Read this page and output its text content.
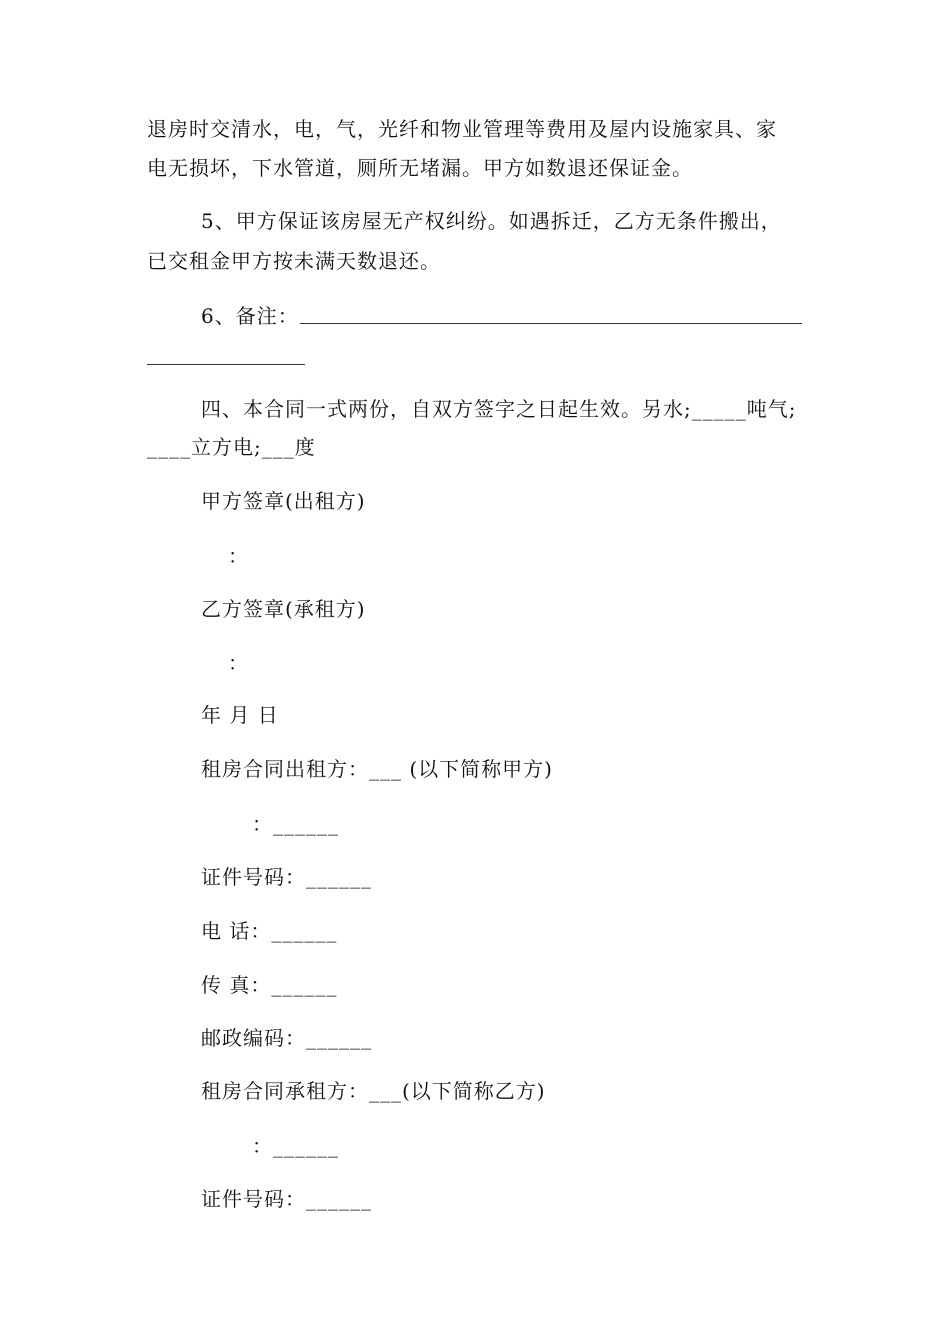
退房时交清水，电，气，光纤和物业管理等费用及屋内设施家具、家
电无损坏，下水管道，厕所无堵漏。甲方如数退还保证金。
5、甲方保证该房屋无产权纠纷。如遇拆迁，乙方无条件搬出，
已交租金甲方按未满天数退还。
6、备注：
四、本合同一式两份，自双方签字之日起生效。另水;_____吨气;
____立方电;___度
甲方签章(出租方)
：
乙方签章(承租方)
：
年 月 日
租房合同出租方：___ (以下简称甲方)
：______
证件号码：______
电 话：______
传 真：______
邮政编码：______
租房合同承租方：___(以下简称乙方)
：______
证件号码：______
